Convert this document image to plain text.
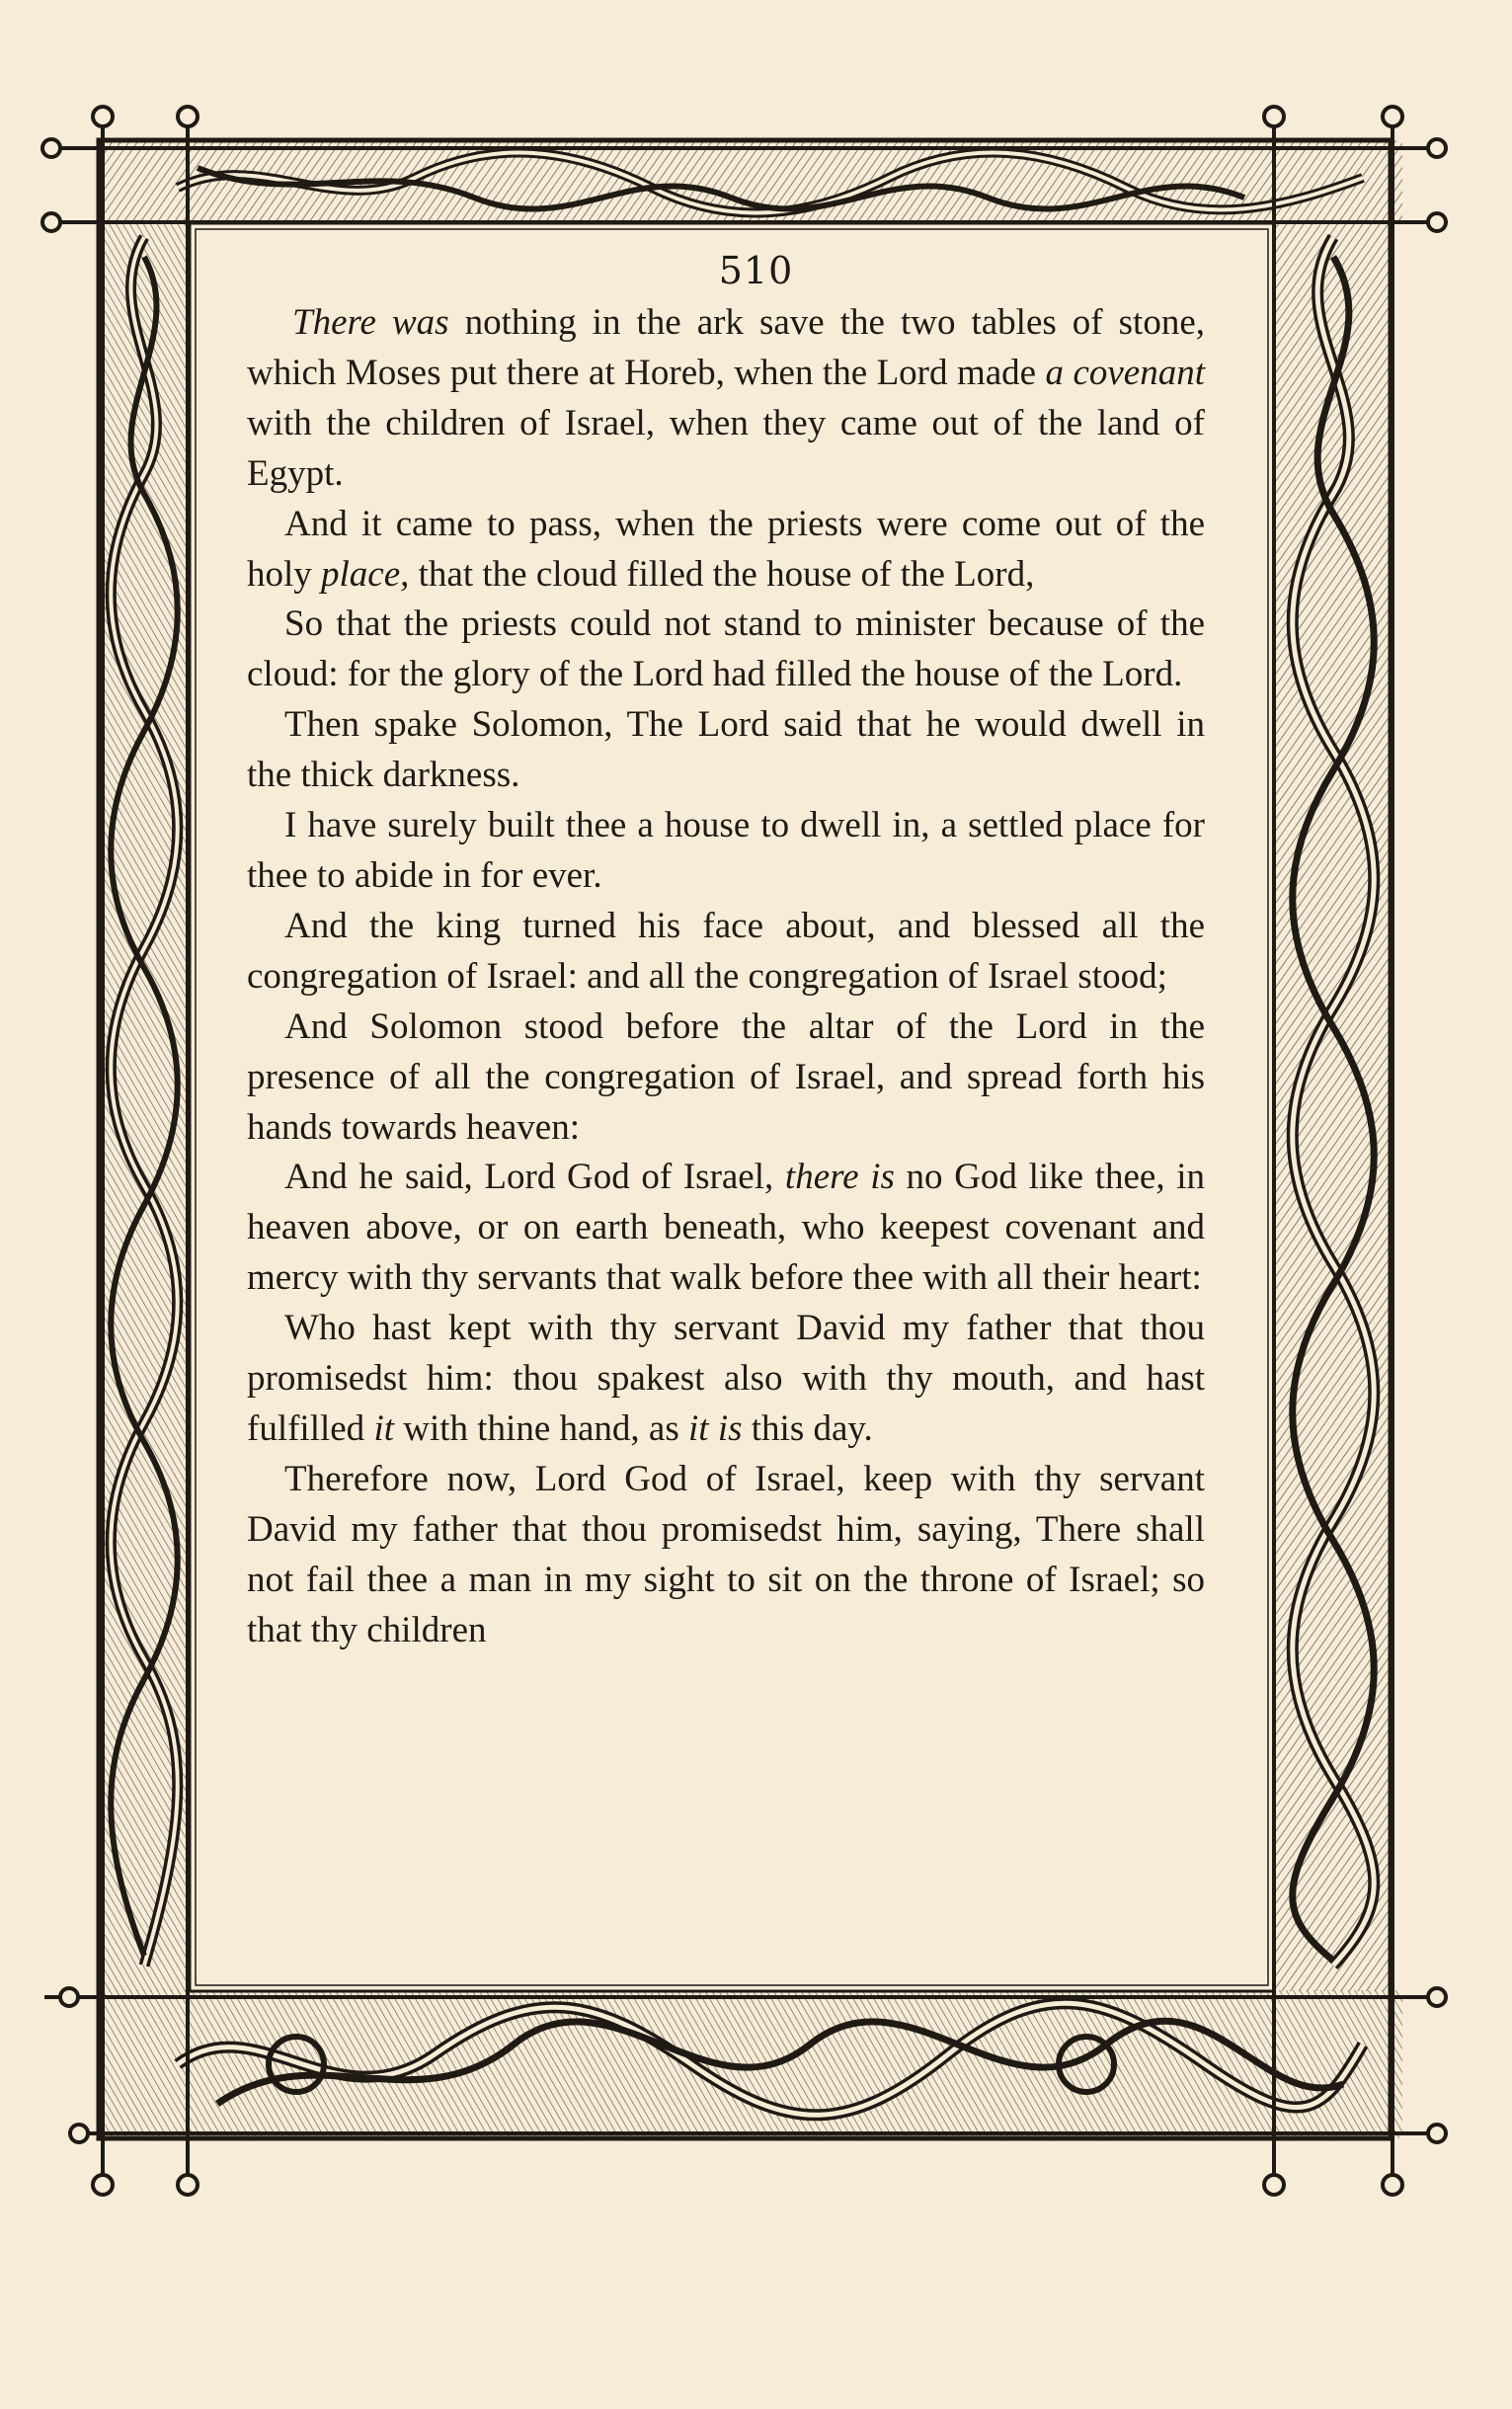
510

There was nothing in the ark save the two tables of stone, which Moses put there at Horeb, when the Lord made a covenant with the children of Israel, when they came out of the land of Egypt.

And it came to pass, when the priests were come out of the holy place, that the cloud filled the house of the Lord,

So that the priests could not stand to minister because of the cloud: for the glory of the Lord had filled the house of the Lord.

Then spake Solomon, The Lord said that he would dwell in the thick darkness.

I have surely built thee a house to dwell in, a settled place for thee to abide in for ever.

And the king turned his face about, and blessed all the congregation of Israel: and all the congregation of Israel stood;

And Solomon stood before the altar of the Lord in the presence of all the congregation of Israel, and spread forth his hands towards heaven:

And he said, Lord God of Israel, there is no God like thee, in heaven above, or on earth beneath, who keepest covenant and mercy with thy servants that walk before thee with all their heart:

Who hast kept with thy servant David my father that thou promisedst him: thou spakest also with thy mouth, and hast fulfilled it with thine hand, as it is this day.

Therefore now, Lord God of Israel, keep with thy servant David my father that thou promisedst him, saying, There shall not fail thee a man in my sight to sit on the throne of Israel; so that thy children
